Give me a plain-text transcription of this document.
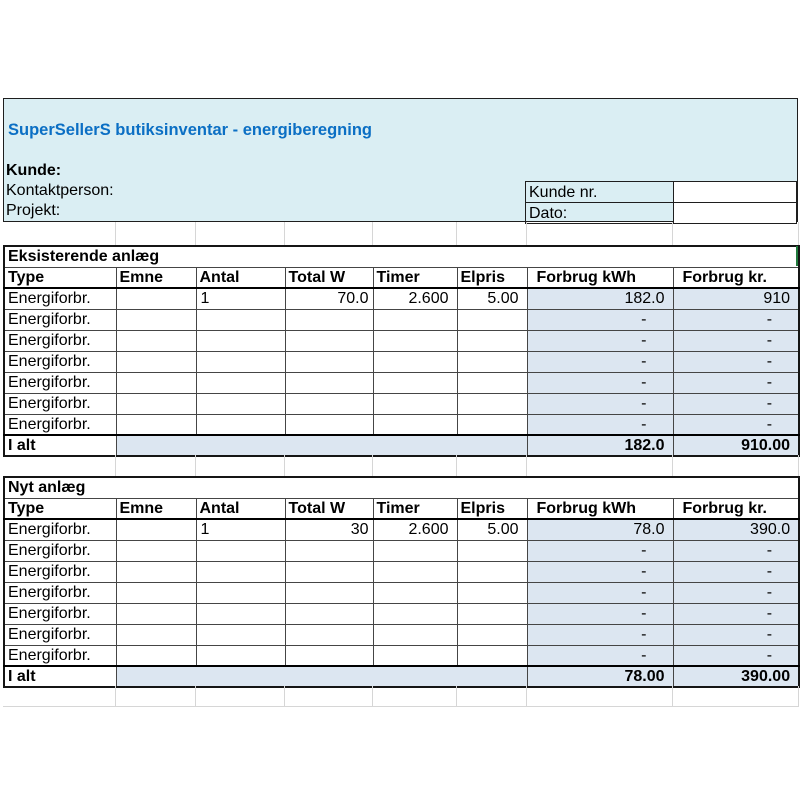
SuperSellerS butiksinventar - energiberegning
Kunde:
Kontaktperson:
Projekt:
Kunde nr.	
Dato:	

Eksisterende anlæg							
Type	Emne	Antal	Total W	Timer	Elpris	Forbrug kWh	Forbrug kr.
Energiforbr.		1	70.0	2.600	5.00	182.0	910
Energiforbr.						-	-
Energiforbr.						-	-
Energiforbr.						-	-
Energiforbr.						-	-
Energiforbr.						-	-
Energiforbr.						-	-
I alt						182.0	910.00

Nyt anlæg							
Type	Emne	Antal	Total W	Timer	Elpris	Forbrug kWh	Forbrug kr.
Energiforbr.		1	30	2.600	5.00	78.0	390.0
Energiforbr.						-	-
Energiforbr.						-	-
Energiforbr.						-	-
Energiforbr.						-	-
Energiforbr.						-	-
Energiforbr.						-	-
I alt						78.00	390.00
